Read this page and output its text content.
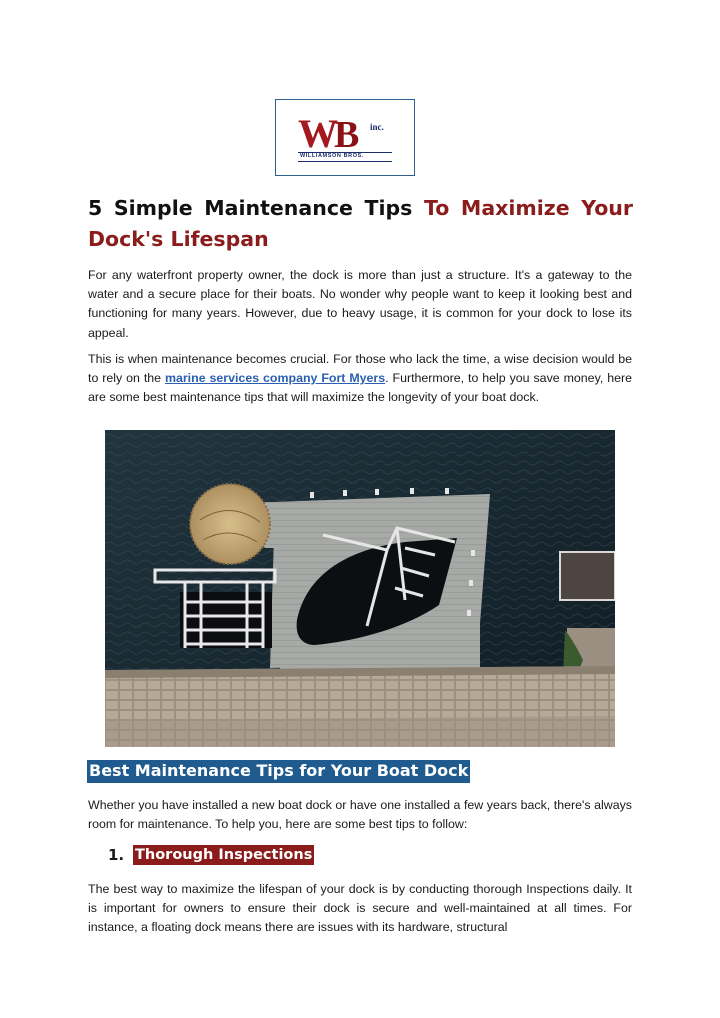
WB inc.
WILLIAMSON BROS.
5 Simple Maintenance Tips To Maximize Your Dock's Lifespan

For any waterfront property owner, the dock is more than just a structure. It's a gateway to the water and a secure place for their boats. No wonder why people want to keep it looking best and functioning for many years. However, due to heavy usage, it is common for your dock to lose its appeal.

This is when maintenance becomes crucial. For those who lack the time, a wise decision would be to rely on the marine services company Fort Myers. Furthermore, to help you save money, here are some best maintenance tips that will maximize the longevity of your boat dock.

Best Maintenance Tips for Your Boat Dock

Whether you have installed a new boat dock or have one installed a few years back, there's always room for maintenance. To help you, here are some best tips to follow:

1. Thorough Inspections

The best way to maximize the lifespan of your dock is by conducting thorough Inspections daily. It is important for owners to ensure their dock is secure and well-maintained at all times. For instance, a floating dock means there are issues with its hardware, structural
